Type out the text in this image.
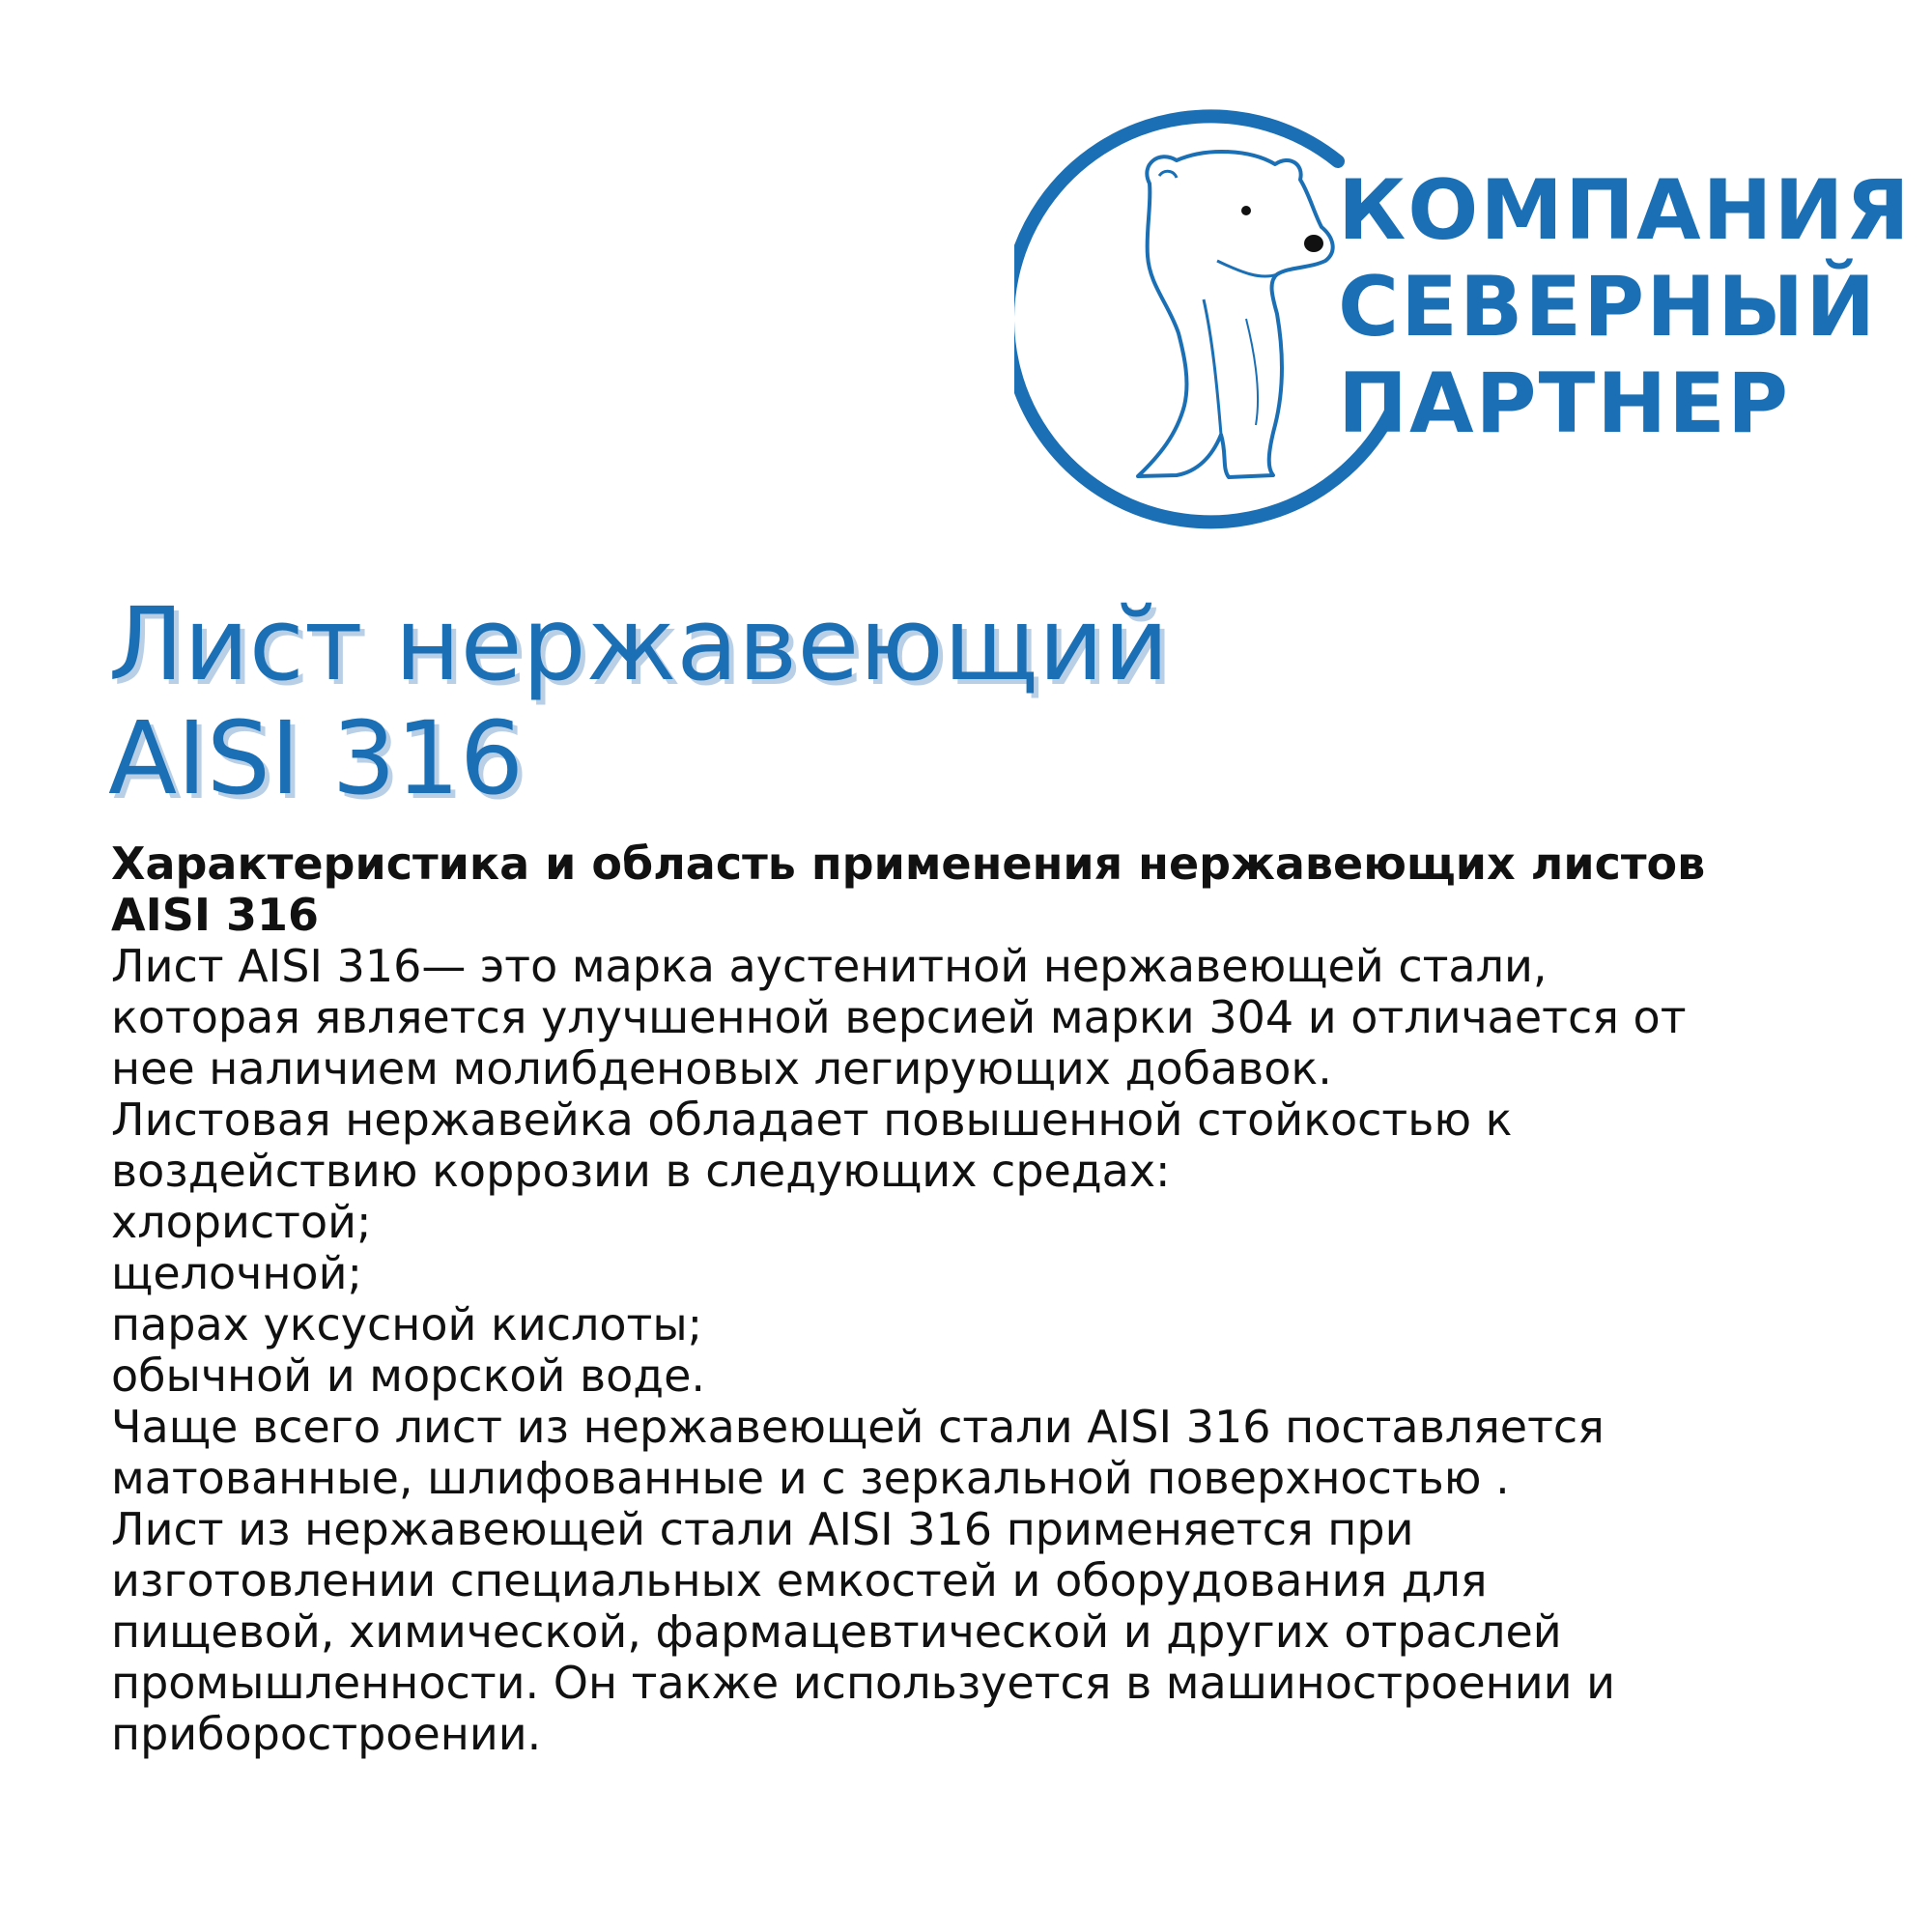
КОМПАНИЯ
СЕВЕРНЫЙ
ПАРТНЕР
Лист нержавеющий
AISI 316
Характеристика и область применения нержавеющих листов
AISI 316

Лист AISI 316— это марка аустенитной нержавеющей стали,

которая является улучшенной версией марки 304 и отличается от

нее наличием молибденовых легирующих добавок.

Листовая нержавейка обладает повышенной стойкостью к

воздействию коррозии в следующих средах:

хлористой;

щелочной;

парах уксусной кислоты;

обычной и морской воде.

Чаще всего лист из нержавеющей стали AISI 316 поставляется

матованные, шлифованные и с зеркальной поверхностью .

Лист из нержавеющей стали AISI 316 применяется при

изготовлении специальных емкостей и оборудования для

пищевой, химической, фармацевтической и других отраслей

промышленности. Он также используется в машиностроении и

приборостроении.
